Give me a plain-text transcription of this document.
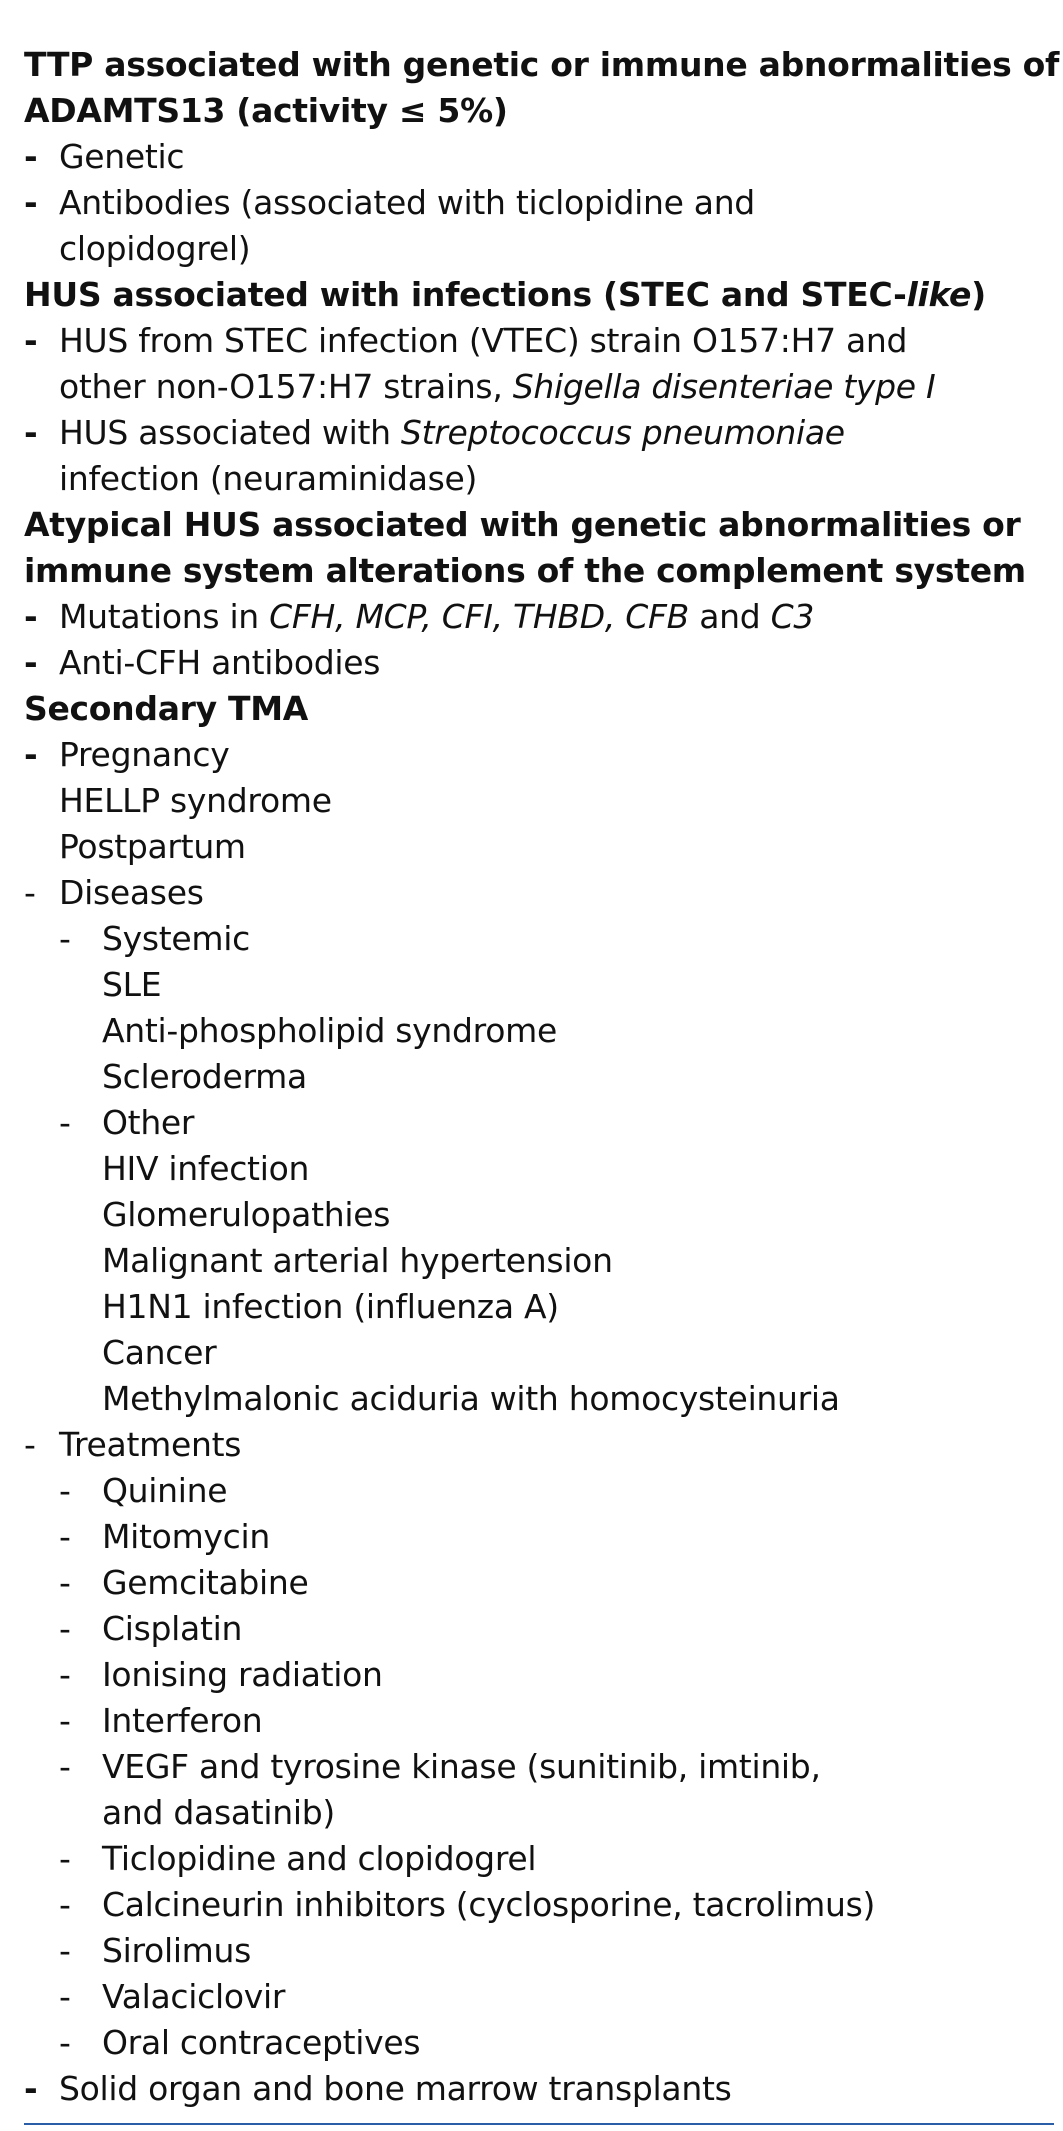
TTP associated with genetic or immune abnormalities of
ADAMTS13 (activity ≤ 5%)
- Genetic
- Antibodies (associated with ticlopidine and
clopidogrel)
HUS associated with infections (STEC and STEC-like)
- HUS from STEC infection (VTEC) strain O157:H7 and
other non-O157:H7 strains, Shigella disenteriae type I
- HUS associated with Streptococcus pneumoniae
infection (neuraminidase)
Atypical HUS associated with genetic abnormalities or
immune system alterations of the complement system
- Mutations in CFH, MCP, CFI, THBD, CFB and C3
- Anti-CFH antibodies
Secondary TMA
- Pregnancy
HELLP syndrome
Postpartum
- Diseases
- Systemic
SLE
Anti-phospholipid syndrome
Scleroderma
- Other
HIV infection
Glomerulopathies
Malignant arterial hypertension
H1N1 infection (influenza A)
Cancer
Methylmalonic aciduria with homocysteinuria
- Treatments
- Quinine
- Mitomycin
- Gemcitabine
- Cisplatin
- Ionising radiation
- Interferon
- VEGF and tyrosine kinase (sunitinib, imtinib,
and dasatinib)
- Ticlopidine and clopidogrel
- Calcineurin inhibitors (cyclosporine, tacrolimus)
- Sirolimus
- Valaciclovir
- Oral contraceptives
- Solid organ and bone marrow transplants
